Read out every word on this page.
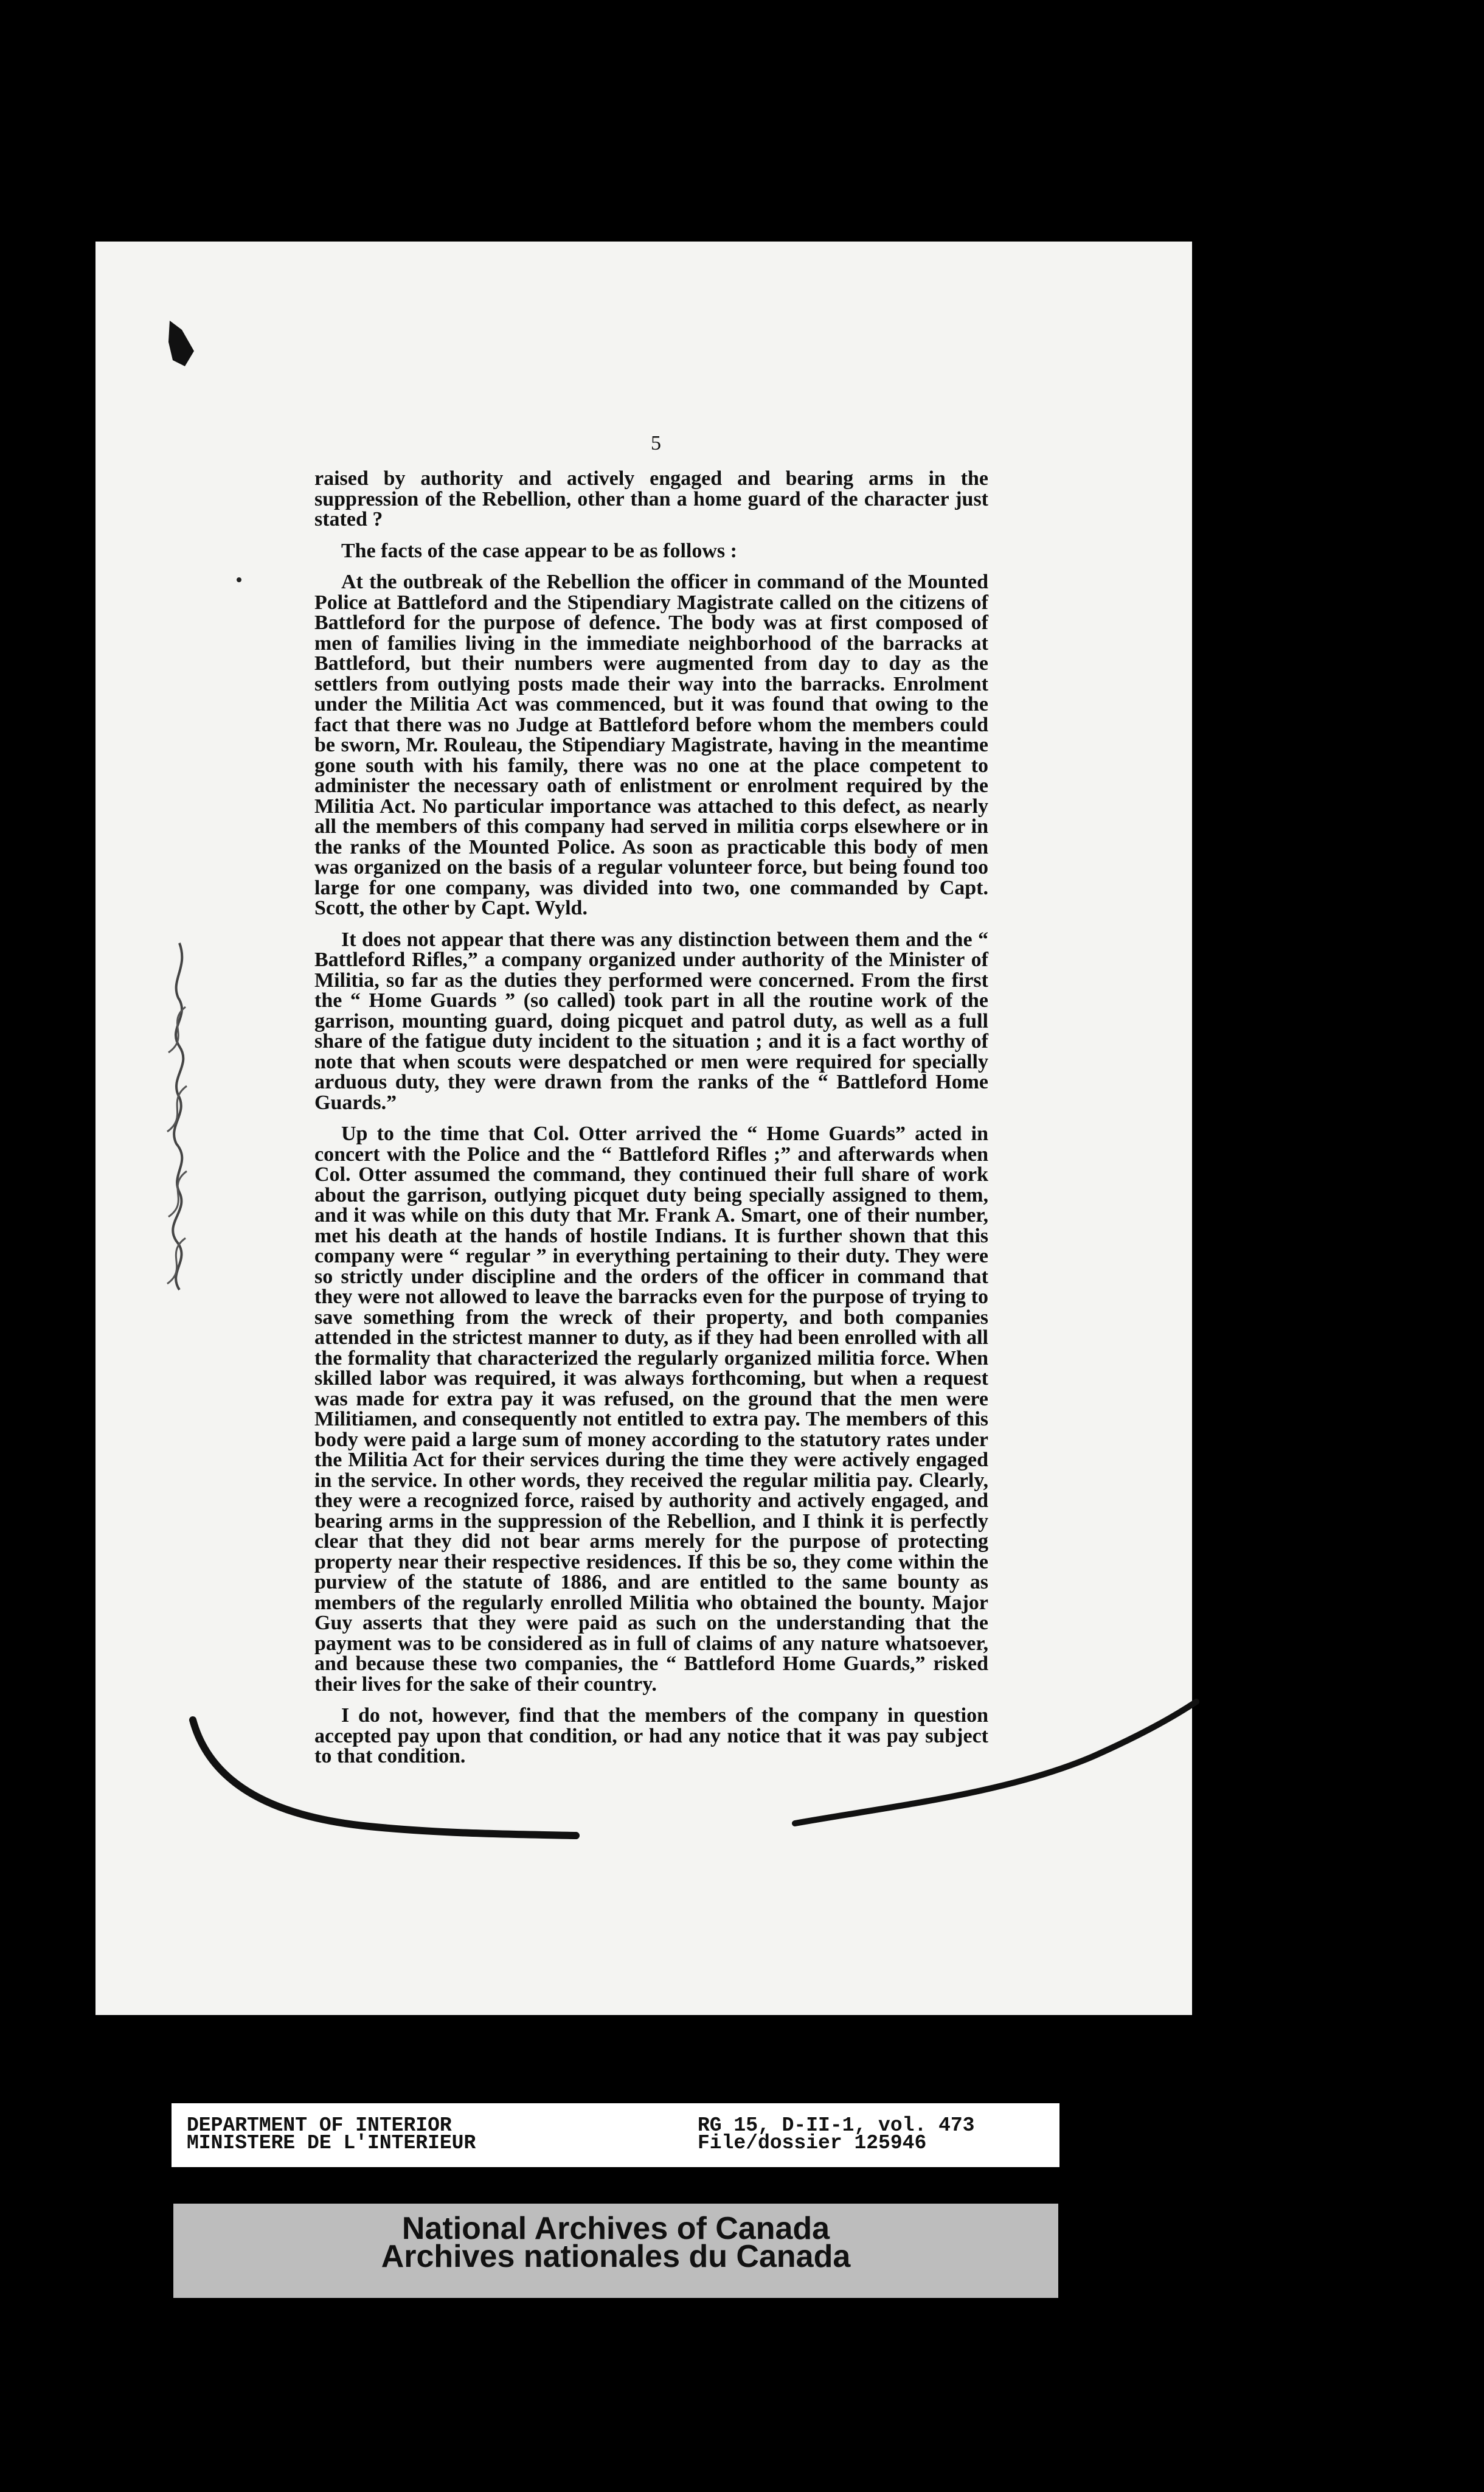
5

raised by authority and actively engaged and bearing arms in the suppression of the Rebellion, other than a home guard of the character just stated ?

The facts of the case appear to be as follows :

At the outbreak of the Rebellion the officer in command of the Mounted Police at Battleford and the Stipendiary Magistrate called on the citizens of Battleford for the purpose of defence. The body was at first composed of men of families living in the immediate neighborhood of the barracks at Battleford, but their numbers were augmented from day to day as the settlers from outlying posts made their way into the barracks. Enrolment under the Militia Act was commenced, but it was found that owing to the fact that there was no Judge at Battleford before whom the members could be sworn, Mr. Rouleau, the Stipendiary Magistrate, having in the meantime gone south with his family, there was no one at the place competent to administer the necessary oath of enlistment or enrolment required by the Militia Act. No particular importance was attached to this defect, as nearly all the members of this company had served in militia corps elsewhere or in the ranks of the Mounted Police. As soon as practicable this body of men was organized on the basis of a regular volunteer force, but being found too large for one company, was divided into two, one commanded by Capt. Scott, the other by Capt. Wyld.

It does not appear that there was any distinction between them and the “ Battleford Rifles,” a company organized under authority of the Minister of Militia, so far as the duties they performed were concerned. From the first the “ Home Guards ” (so called) took part in all the routine work of the garrison, mounting guard, doing picquet and patrol duty, as well as a full share of the fatigue duty incident to the situation ; and it is a fact worthy of note that when scouts were despatched or men were required for specially arduous duty, they were drawn from the ranks of the “ Battleford Home Guards.”

Up to the time that Col. Otter arrived the “ Home Guards” acted in concert with the Police and the “ Battleford Rifles ;” and afterwards when Col. Otter assumed the command, they continued their full share of work about the garrison, outlying picquet duty being specially assigned to them, and it was while on this duty that Mr. Frank A. Smart, one of their number, met his death at the hands of hostile Indians. It is further shown that this company were “ regular ” in everything pertaining to their duty. They were so strictly under discipline and the orders of the officer in command that they were not allowed to leave the barracks even for the purpose of trying to save something from the wreck of their property, and both companies attended in the strictest manner to duty, as if they had been enrolled with all the formality that characterized the regularly organized militia force. When skilled labor was required, it was always forthcoming, but when a request was made for extra pay it was refused, on the ground that the men were Militiamen, and consequently not entitled to extra pay. The members of this body were paid a large sum of money according to the statutory rates under the Militia Act for their services during the time they were actively engaged in the service. In other words, they received the regular militia pay. Clearly, they were a recognized force, raised by authority and actively engaged, and bearing arms in the suppression of the Rebellion, and I think it is perfectly clear that they did not bear arms merely for the purpose of protecting property near their respective residences. If this be so, they come within the purview of the statute of 1886, and are entitled to the same bounty as members of the regularly enrolled Militia who obtained the bounty. Major Guy asserts that they were paid as such on the understanding that the payment was to be considered as in full of claims of any nature whatsoever, and because these two companies, the “ Battleford Home Guards,” risked their lives for the sake of their country.

I do not, however, find that the members of the company in question accepted pay upon that condition, or had any notice that it was pay subject to that condition.

DEPARTMENT OF INTERIOR
MINISTERE DE L'INTERIEUR
RG 15, D-II-1, vol. 473
File/dossier 125946
National Archives of Canada
Archives nationales du Canada
